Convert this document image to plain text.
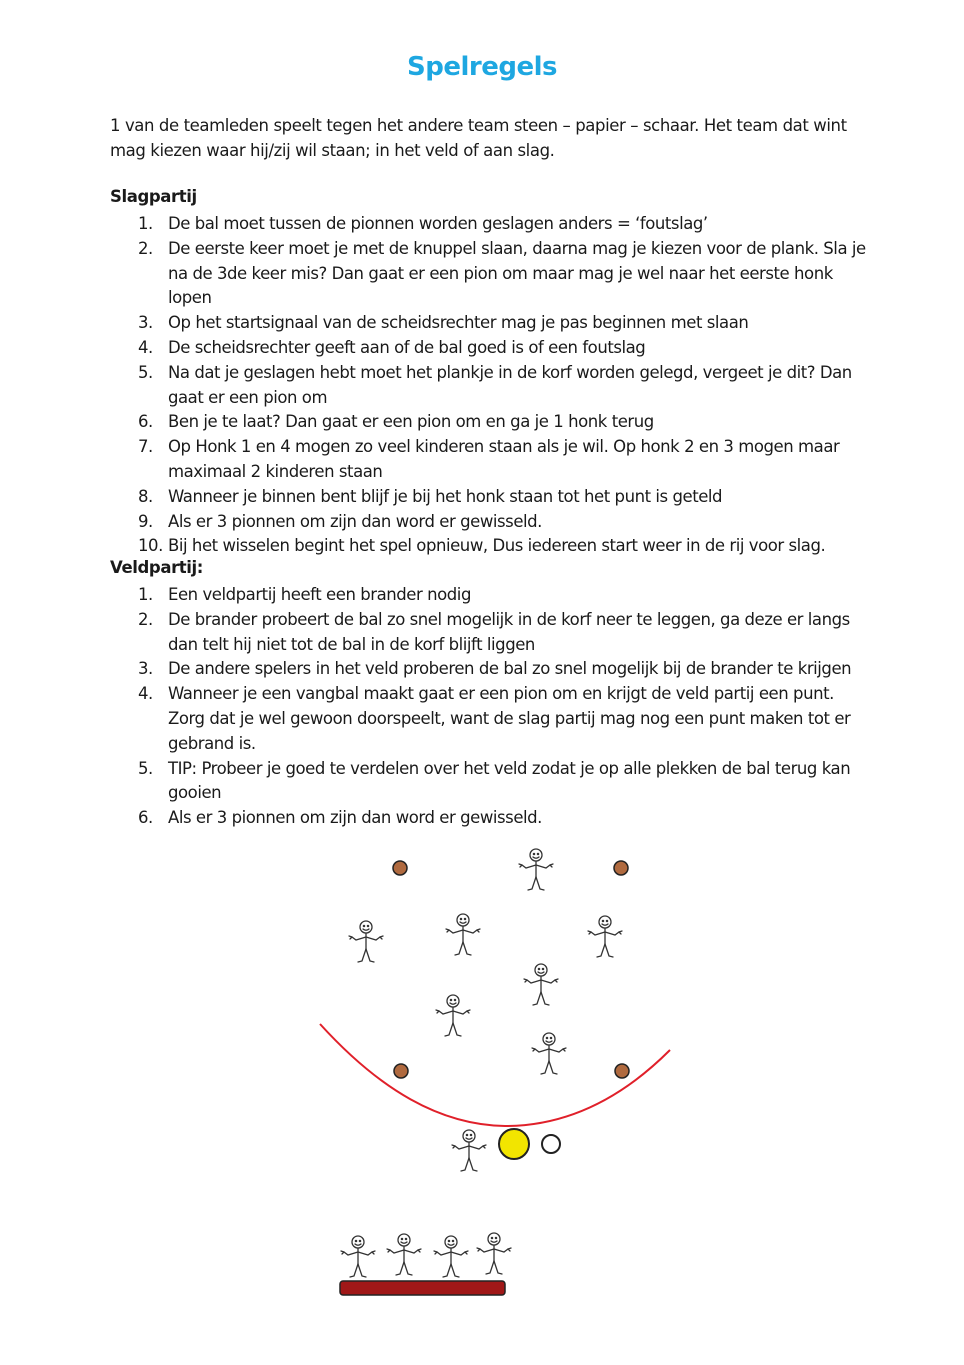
Spelregels
1 van de teamleden speelt tegen het andere team steen – papier – schaar. Het team dat wint mag kiezen waar hij/zij wil staan; in het veld of aan slag.
Slagpartij
1. De bal moet tussen de pionnen worden geslagen anders = ‘foutslag’
2. De eerste keer moet je met de knuppel slaan, daarna mag je kiezen voor de plank. Sla je na de 3de keer mis? Dan gaat er een pion om maar mag je wel naar het eerste honk lopen
3. Op het startsignaal van de scheidsrechter mag je pas beginnen met slaan
4. De scheidsrechter geeft aan of de bal goed is of een foutslag
5. Na dat je geslagen hebt moet het plankje in de korf worden gelegd, vergeet je dit? Dan gaat er een pion om
6. Ben je te laat? Dan gaat er een pion om en ga je 1 honk terug
7. Op Honk 1 en 4 mogen zo veel kinderen staan als je wil. Op honk 2 en 3 mogen maar maximaal 2 kinderen staan
8. Wanneer je binnen bent blijf je bij het honk staan tot het punt is geteld
9. Als er 3 pionnen om zijn dan word er gewisseld.
10. Bij het wisselen begint het spel opnieuw, Dus iedereen start weer in de rij voor slag.
Veldpartij:
1. Een veldpartij heeft een brander nodig
2. De brander probeert de bal zo snel mogelijk in de korf neer te leggen, ga deze er langs dan telt hij niet tot de bal in de korf blijft liggen
3. De andere spelers in het veld proberen de bal zo snel mogelijk bij de brander te krijgen
4. Wanneer je een vangbal maakt gaat er een pion om en krijgt de veld partij een punt. Zorg dat je wel gewoon doorspeelt, want de slag partij mag nog een punt maken tot er gebrand is.
5. TIP: Probeer je goed te verdelen over het veld zodat je op alle plekken de bal terug kan gooien
6. Als er 3 pionnen om zijn dan word er gewisseld.
